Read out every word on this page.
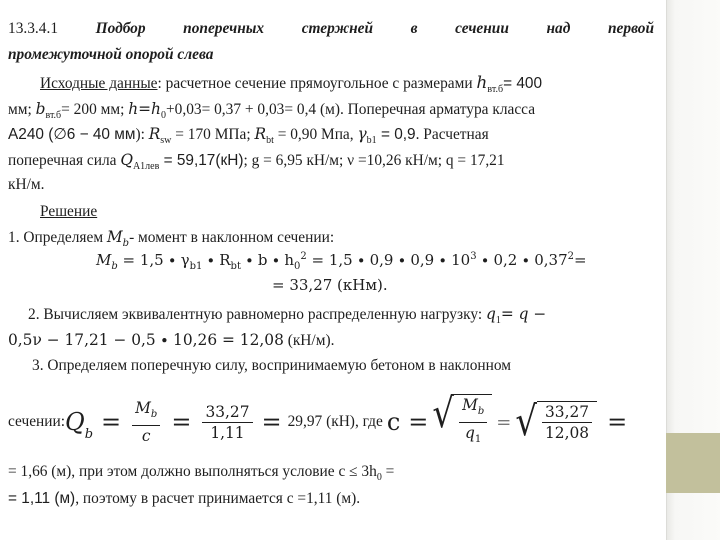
13.3.4.1 Подбор поперечных стержней в сечении над первой
промежуточной опорой слева
Исходные данные: расчетное сечение прямоугольное с размерами $h_{вт.б}= 400$
мм; $b_{вт.б}= 200$ мм; $h=h_0+0,03= 0,37 + 0,03= 0,4$ (м). Поперечная арматура класса
А240 (∅6 − 40 мм): $R_{sw} = 170$ МПа; $R_{bt} = 0,90$ Мпа, $\gamma_{b1} = 0,9$. Расчетная
поперечная сила $Q_{A1лев} = 59,17(кН)$; g = 6,95 кН/м; ν =10,26 кН/м; q = 17,21
кН/м.
Решение
1. Определяем $M_b-$ момент в наклонном сечении:
$M_b = 1,5 \cdot \gamma_{b1} \cdot R_{bt} \cdot b \cdot h_0^2 = 1,5 \cdot 0,9 \cdot 0,9 \cdot 10^3 \cdot 0,2 \cdot 0,37^2=$
= 33,27 (кНм).
2. Вычисляем эквивалентную равномерно распределенную нагрузку: $q_1= q$ −
0,5ν − 17,21 − 0,5 ∙ 10,26 = 12,08 (кН/м).
3. Определяем поперечную силу, воспринимаемую бетоном в наклонном
сечении: $Q_b = \frac{M_b}{c} = \frac{33,27}{1,11} = 29,97$ (кН) , где c = √ $\frac{M_b}{q_1}$ = √ $\frac{33,27}{12,08}$ =
= 1,66 (м), при этом должно выполняться условие $с \le 3h_0$ =
= 1,11 (м), поэтому в расчет принимается с =1,11 (м).
